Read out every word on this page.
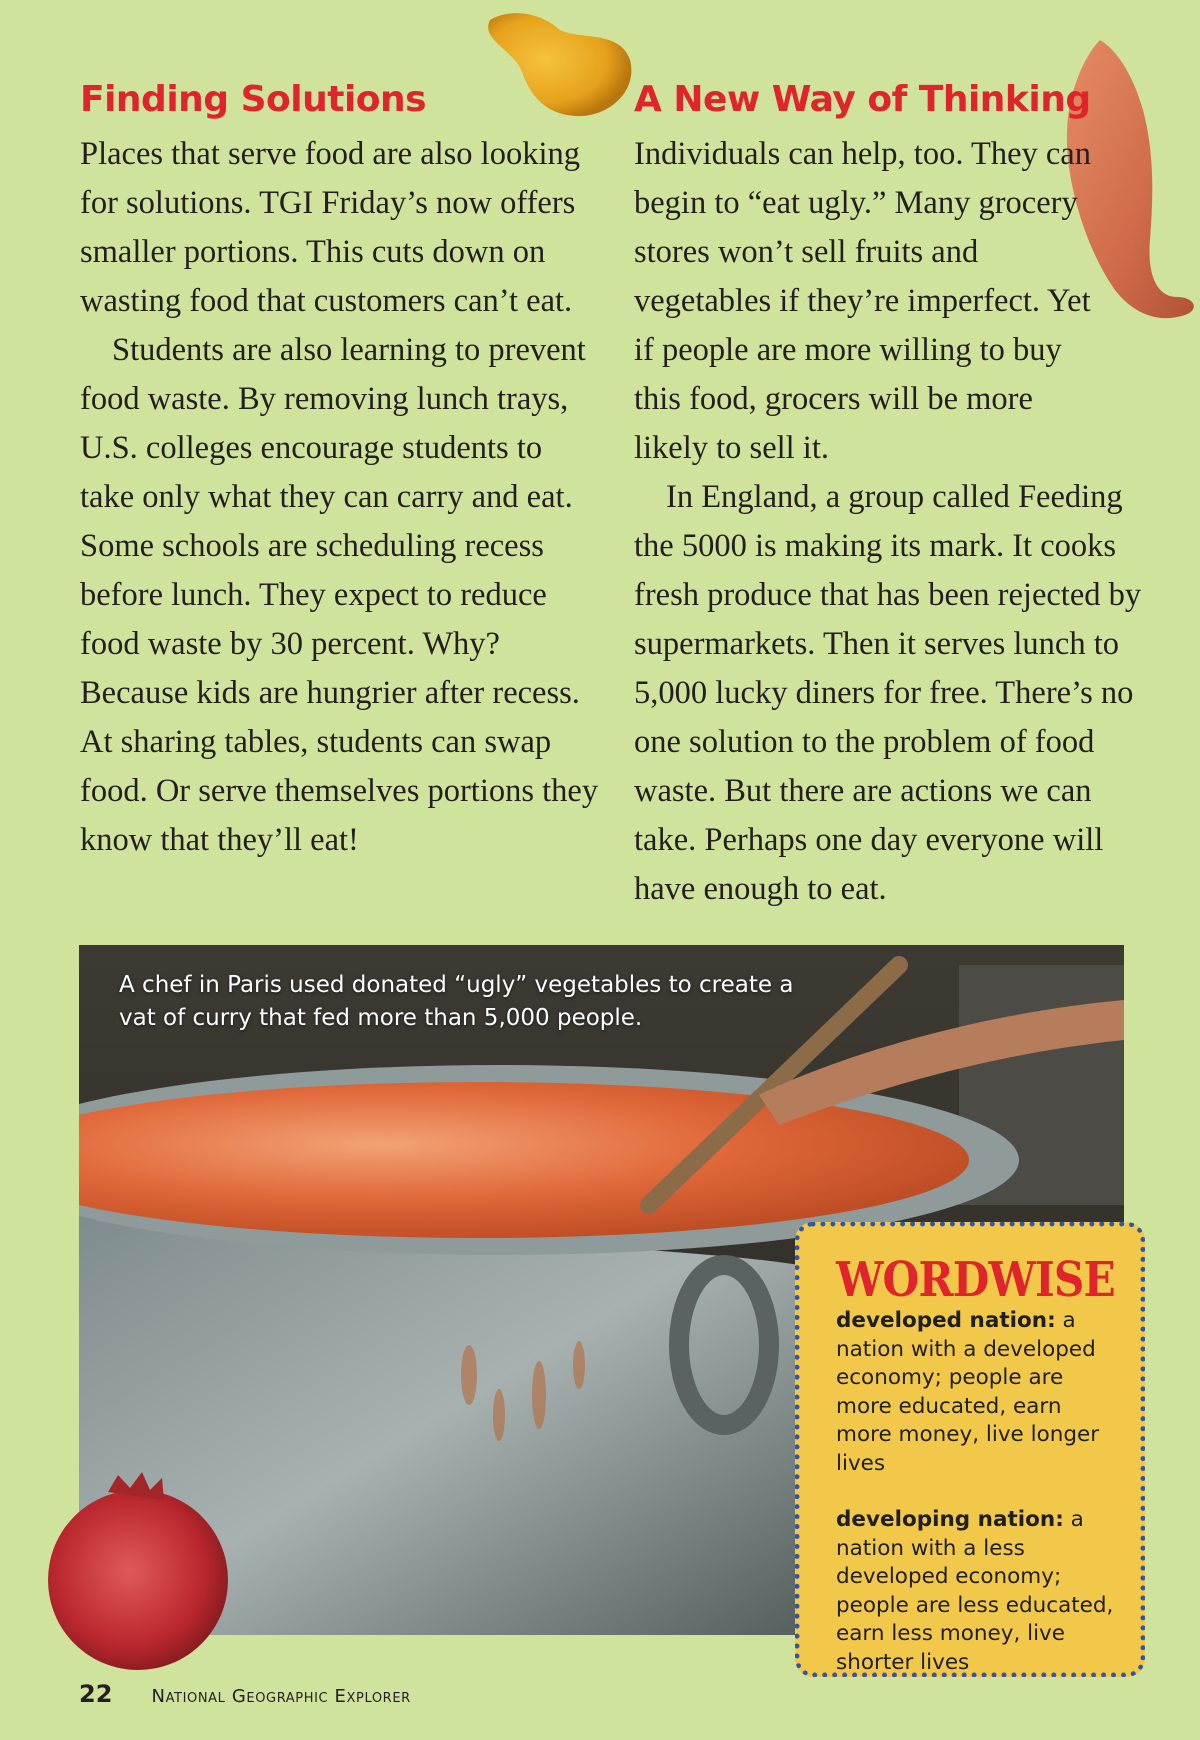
Finding Solutions

Places that serve food are also looking for solutions. TGI Friday’s now offers smaller portions. This cuts down on wasting food that customers can’t eat.

Students are also learning to prevent food waste. By removing lunch trays, U.S. colleges encourage students to take only what they can carry and eat. Some schools are scheduling recess before lunch. They expect to reduce food waste by 30 percent. Why? Because kids are hungrier after recess. At sharing tables, students can swap food. Or serve themselves portions they know that they’ll eat!

A New Way of Thinking

Individuals can help, too. They can begin to “eat ugly.” Many grocery stores won’t sell fruits and vegetables if they’re imperfect. Yet if people are more willing to buy this food, grocers will be more likely to sell it.

In England, a group called Feeding the 5000 is making its mark. It cooks fresh produce that has been rejected by supermarkets. Then it serves lunch to 5,000 lucky diners for free. There’s no one solution to the problem of food waste. But there are actions we can take. Perhaps one day everyone will have enough to eat.

A chef in Paris used donated “ugly” vegetables to create a vat of curry that fed more than 5,000 people.
WORDWISE
developed nation: a nation with a developed economy; people are more educated, earn more money, live longer lives
developing nation: a nation with a less developed economy; people are less educated, earn less money, live shorter lives
22 National Geographic Explorer
